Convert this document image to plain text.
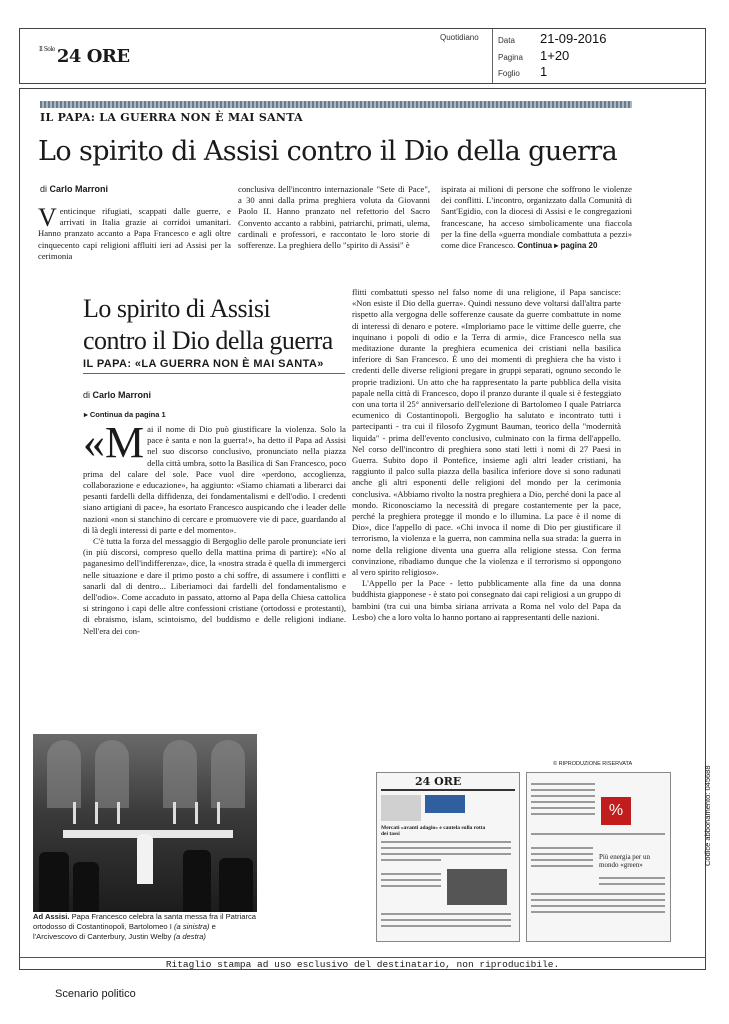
$^{Il Sole}$ 24 ORE
Quotidiano Data 21-09-2016
Pagina 1+20
Foglio 1
IL PAPA: LA GUERRA NON È MAI SANTA
Lo spirito di Assisi contro il Dio della guerra
di Carlo Marroni

Venticinque rifugiati, scappati dalle guerre, e arrivati in Italia grazie ai corridoi umanitari. Hanno pranzato accanto a Papa Francesco e agli oltre cinquecento capi religioni affluiti ieri ad Assisi per la cerimonia

conclusiva dell'incontro internazionale "Sete di Pace", a 30 anni dalla prima preghiera voluta da Giovanni Paolo II. Hanno pranzato nel refettorio del Sacro Convento accanto a rabbini, patriarchi, primati, ulema, cardinali e professori, e raccontato le loro storie di sofferenze. La preghiera dello "spirito di Assisi" è

ispirata ai milioni di persone che soffrono le violenze dei conflitti. L'incontro, organizzato dalla Comunità di Sant'Egidio, con la diocesi di Assisi e le congregazioni francescane, ha acceso simbolicamente una fiaccola per la fine della «guerra mondiale combattuta a pezzi» come dice Francesco. Continua ▸ pagina 20

Lo spirito di Assisi
contro il Dio della guerra
IL PAPA: «LA GUERRA NON È MAI SANTA»
di Carlo Marroni
▸ Continua da pagina 1

«Mai il nome di Dio può giustificare la violenza. Solo la pace è santa e non la guerra!», ha detto il Papa ad Assisi nel suo discorso conclusivo, pronunciato nella piazza della città umbra, sotto la Basilica di San Francesco, poco prima del calare del sole. Pace vuol dire «perdono, accoglienza, collaborazione e educazione», ha aggiunto: «Siamo chiamati a liberarci dai pesanti fardelli della diffidenza, dei fondamentalismi e dell'odio. I credenti siano artigiani di pace», ha esortato Francesco auspicando che i leader delle nazioni «non si stanchino di cercare e promuovere vie di pace, guardando al di là degli interessi di parte e del momento».

C'è tutta la forza del messaggio di Bergoglio delle parole pronunciate ieri (in più discorsi, compreso quello della mattina prima di partire): «No al paganesimo dell'indifferenza», dice, la «nostra strada è quella di immergerci nelle situazione e dare il primo posto a chi soffre, di assumere i conflitti e sanarli dal di dentro... Liberiamoci dai fardelli del fondamentalismo e dell'odio». Come accaduto in passato, attorno al Papa della Chiesa cattolica si stringono i capi delle altre confessioni cristiane (ortodossi e protestanti), di ebraismo, islam, scintoismo, del buddismo e delle religioni indiane. Nell'era dei con-

flitti combattuti spesso nel falso nome di una religione, il Papa sancisce: «Non esiste il Dio della guerra». Quindi nessuno deve voltarsi dall'altra parte rispetto alla vergogna delle sofferenze causate da guerre combattute in nome di interessi di denaro e potere. «Imploriamo pace le vittime delle guerre, che inquinano i popoli di odio e la Terra di armi», dice Francesco nella sua meditazione durante la preghiera ecumenica dei cristiani nella basilica inferiore di San Francesco. È uno dei momenti di preghiera che ha visto i credenti delle diverse religioni pregare in gruppi separati, ognuno secondo le proprie tradizioni. Un atto che ha rappresentato la parte pubblica della visita papale nella città di Francesco, dopo il pranzo durante il quale si è festeggiato con una torta il 25° anniversario dell'elezione di Bartolomeo I quale Patriarca ecumenico di Costantinopoli. Bergoglio ha salutato e incontrato tutti i partecipanti - tra cui il filosofo Zygmunt Bauman, teorico della "modernità liquida" - prima dell'evento conclusivo, culminato con la firma dell'appello. Nel corso dell'incontro di preghiera sono stati letti i nomi di 27 Paesi in Guerra. Subito dopo il Pontefice, insieme agli altri leader cristiani, ha raggiunto il palco sulla piazza della basilica inferiore dove si sono radunati anche gli altri esponenti delle religioni del mondo per la cerimonia conclusiva. «Abbiamo rivolto la nostra preghiera a Dio, perché doni la pace al mondo. Riconosciamo la necessità di pregare costantemente per la pace, perché la preghiera protegge il mondo e lo illumina. La pace è il nome di Dio», dice l'appello di pace. «Chi invoca il nome di Dio per giustificare il terrorismo, la violenza e la guerra, non cammina nella sua strada: la guerra in nome della religione diventa una guerra alla religione stessa. Con ferma convinzione, ribadiamo dunque che la violenza e il terrorismo si oppongono al vero spirito religioso».

L'Appello per la Pace - letto pubblicamente alla fine da una donna buddhista giapponese - è stato poi consegnato dai capi religiosi a un gruppo di bambini (tra cui una bimba siriana arrivata a Roma nel volo del Papa da Lesbo) che a loro volta lo hanno portano ai rappresentanti delle nazioni.

© RIPRODUZIONE RISERVATA
Ad Assisi. Papa Francesco celebra la santa messa fra il Patriarca ortodosso di Costantinopoli, Bartolomeo I (a sinistra) e l'Arcivescovo di Canterbury, Justin Welby (a destra)
24 ORE
Mercati «avanti adagio» e cautela sulla rotta dei tassi
%
Più energia per un mondo «green»
Ritaglio stampa ad uso esclusivo del destinatario, non riproducibile.
Codice abbonamento: 045688
Scenario politico
